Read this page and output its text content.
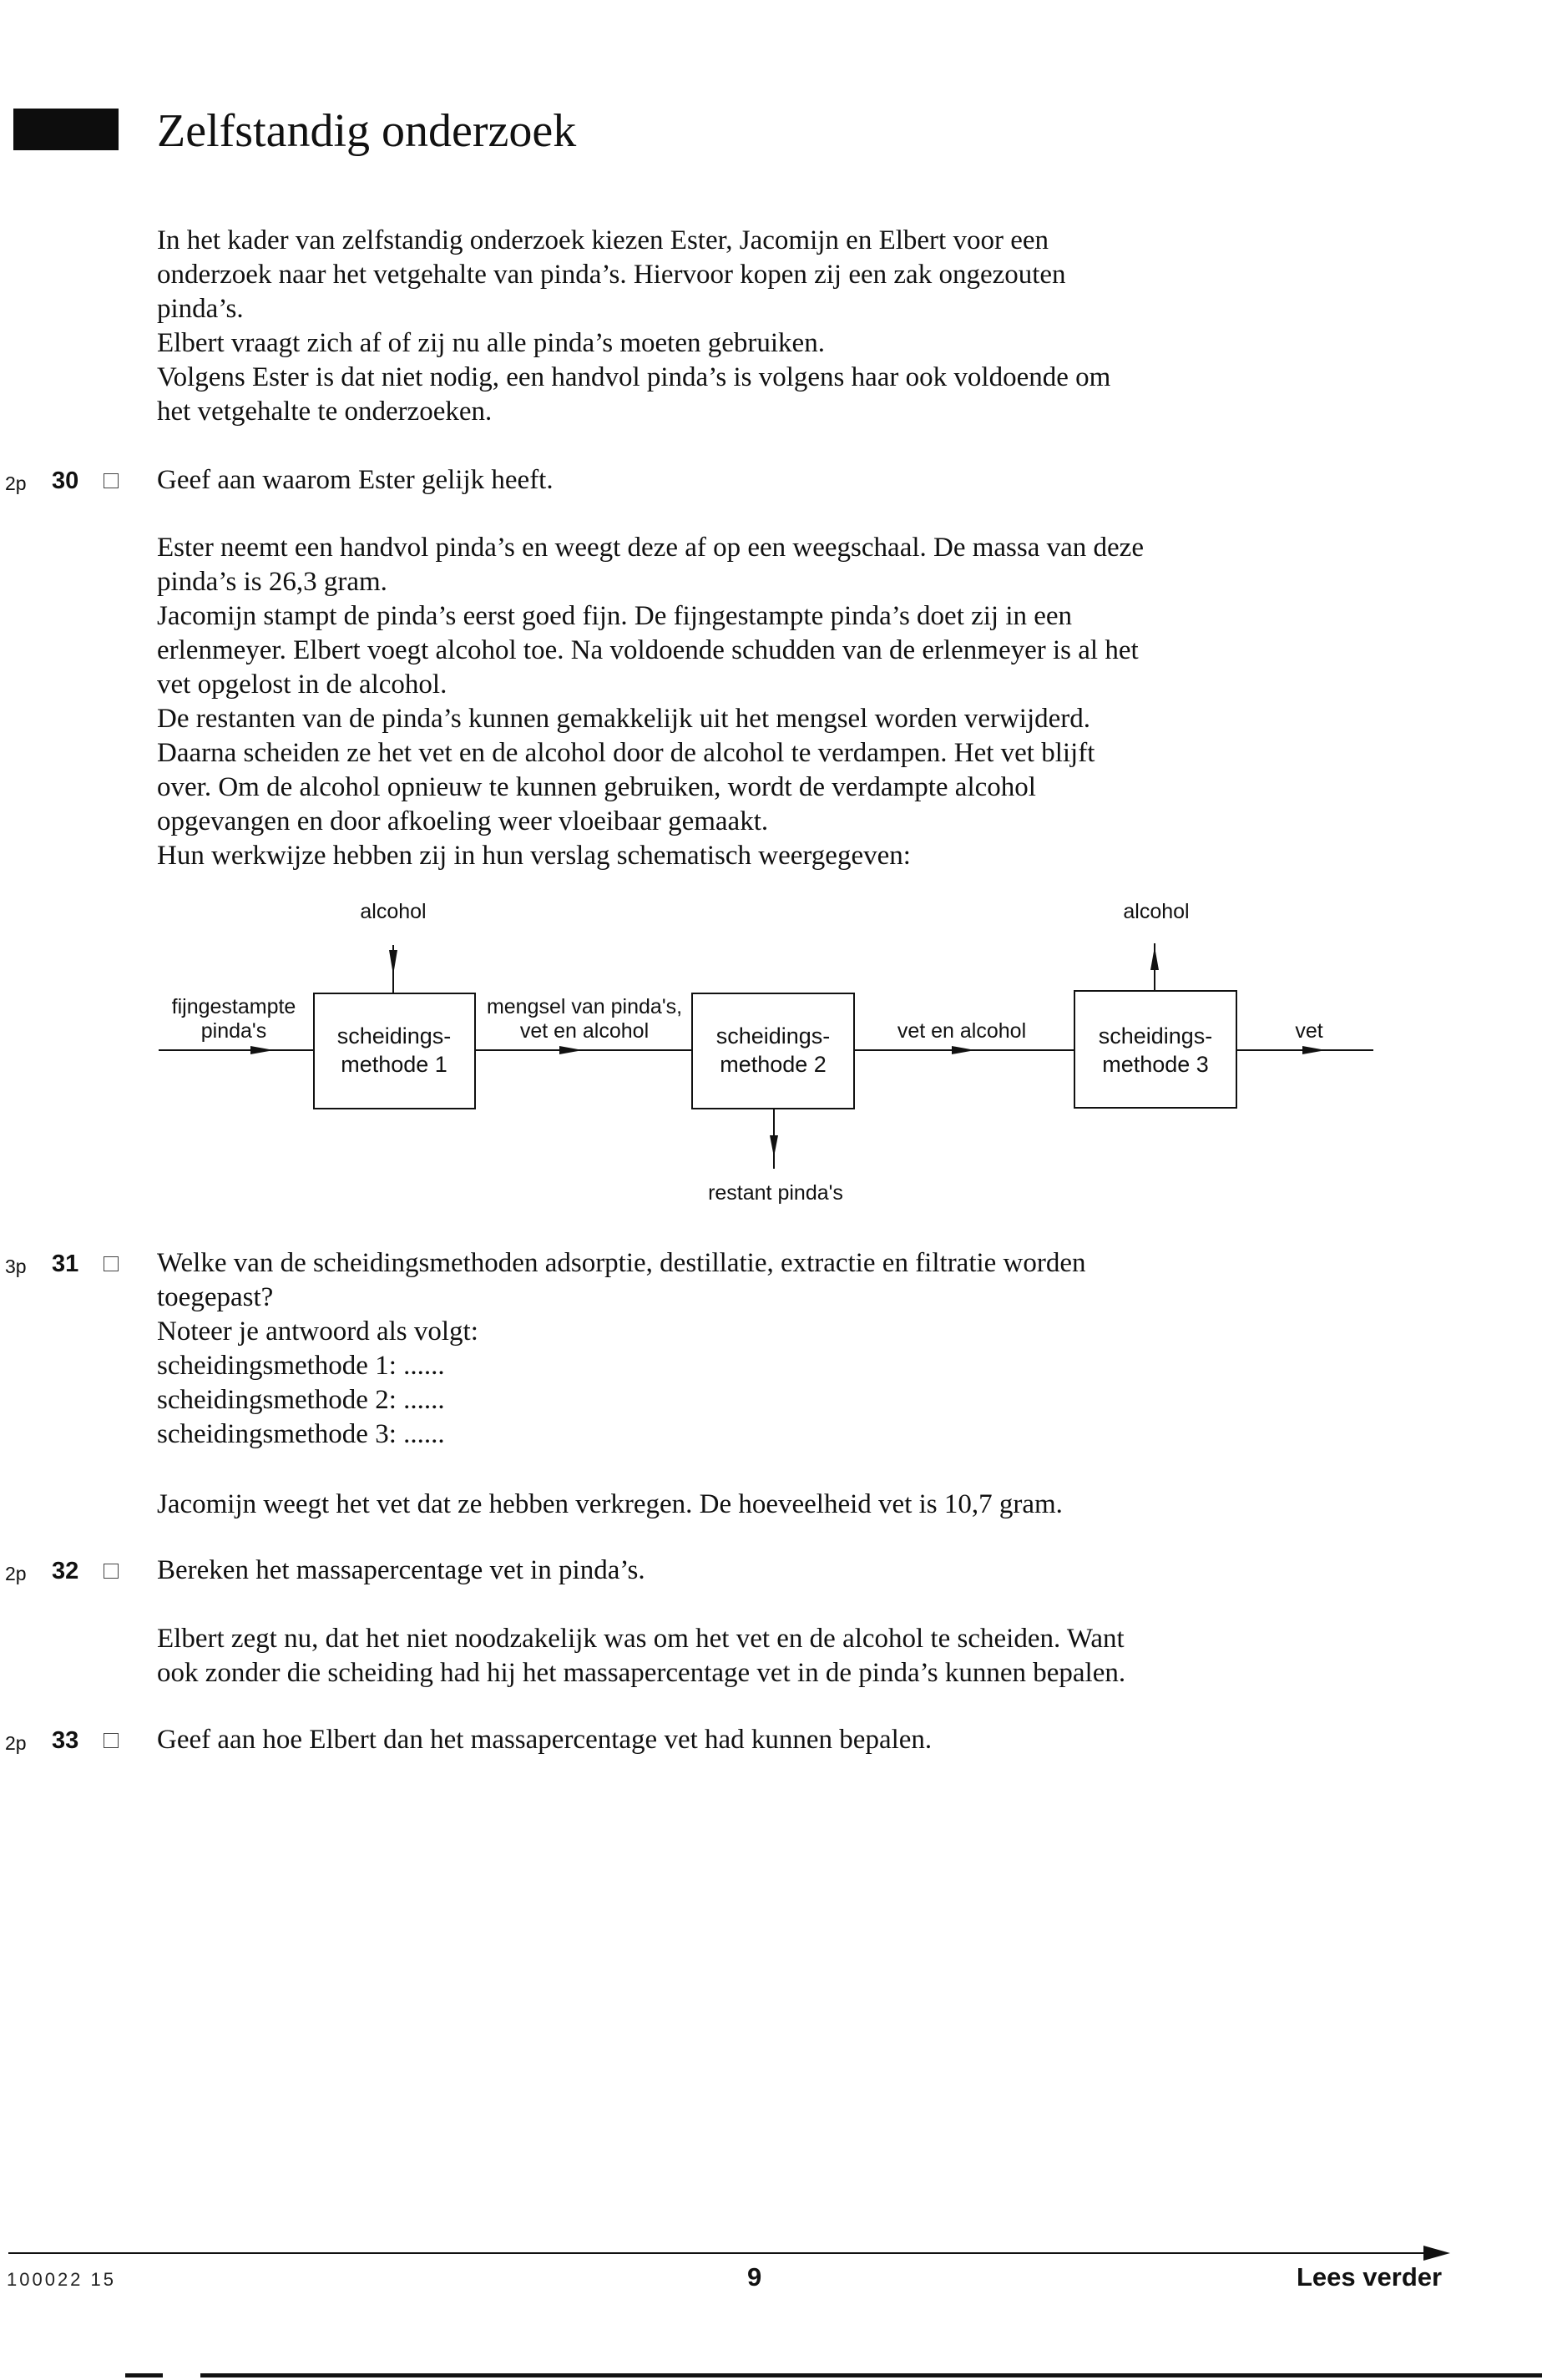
Zelfstandig onderzoek
In het kader van zelfstandig onderzoek kiezen Ester, Jacomijn en Elbert voor een
onderzoek naar het vetgehalte van pinda’s. Hiervoor kopen zij een zak ongezouten
pinda’s.
Elbert vraagt zich af of zij nu alle pinda’s moeten gebruiken.
Volgens Ester is dat niet nodig, een handvol pinda’s is volgens haar ook voldoende om
het vetgehalte te onderzoeken.
2p	30	Geef aan waarom Ester gelijk heeft.
Ester neemt een handvol pinda’s en weegt deze af op een weegschaal. De massa van deze
pinda’s is 26,3 gram.
Jacomijn stampt de pinda’s eerst goed fijn. De fijngestampte pinda’s doet zij in een
erlenmeyer. Elbert voegt alcohol toe. Na voldoende schudden van de erlenmeyer is al het
vet opgelost in de alcohol.
De restanten van de pinda’s kunnen gemakkelijk uit het mengsel worden verwijderd.
Daarna scheiden ze het vet en de alcohol door de alcohol te verdampen. Het vet blijft
over. Om de alcohol opnieuw te kunnen gebruiken, wordt de verdampte alcohol
opgevangen en door afkoeling weer vloeibaar gemaakt.
Hun werkwijze hebben zij in hun verslag schematisch weergegeven:
alcohol	alcohol
fijngestampte
pinda's	scheidings-
methode 1
mengsel van pinda's,
vet en alcohol	scheidings-
methode 2
vet en alcohol	scheidings-
methode 3
vet
restant pinda's
3p	31	Welke van de scheidingsmethoden adsorptie, destillatie, extractie en filtratie worden
toegepast?
Noteer je antwoord als volgt:
scheidingsmethode 1: ......
scheidingsmethode 2: ......
scheidingsmethode 3: ......
Jacomijn weegt het vet dat ze hebben verkregen. De hoeveelheid vet is 10,7 gram.
2p	32	Bereken het massapercentage vet in pinda’s.
Elbert zegt nu, dat het niet noodzakelijk was om het vet en de alcohol te scheiden. Want
ook zonder die scheiding had hij het massapercentage vet in de pinda’s kunnen bepalen.
2p	33	Geef aan hoe Elbert dan het massapercentage vet had kunnen bepalen.
100022 15	9	Lees verder
